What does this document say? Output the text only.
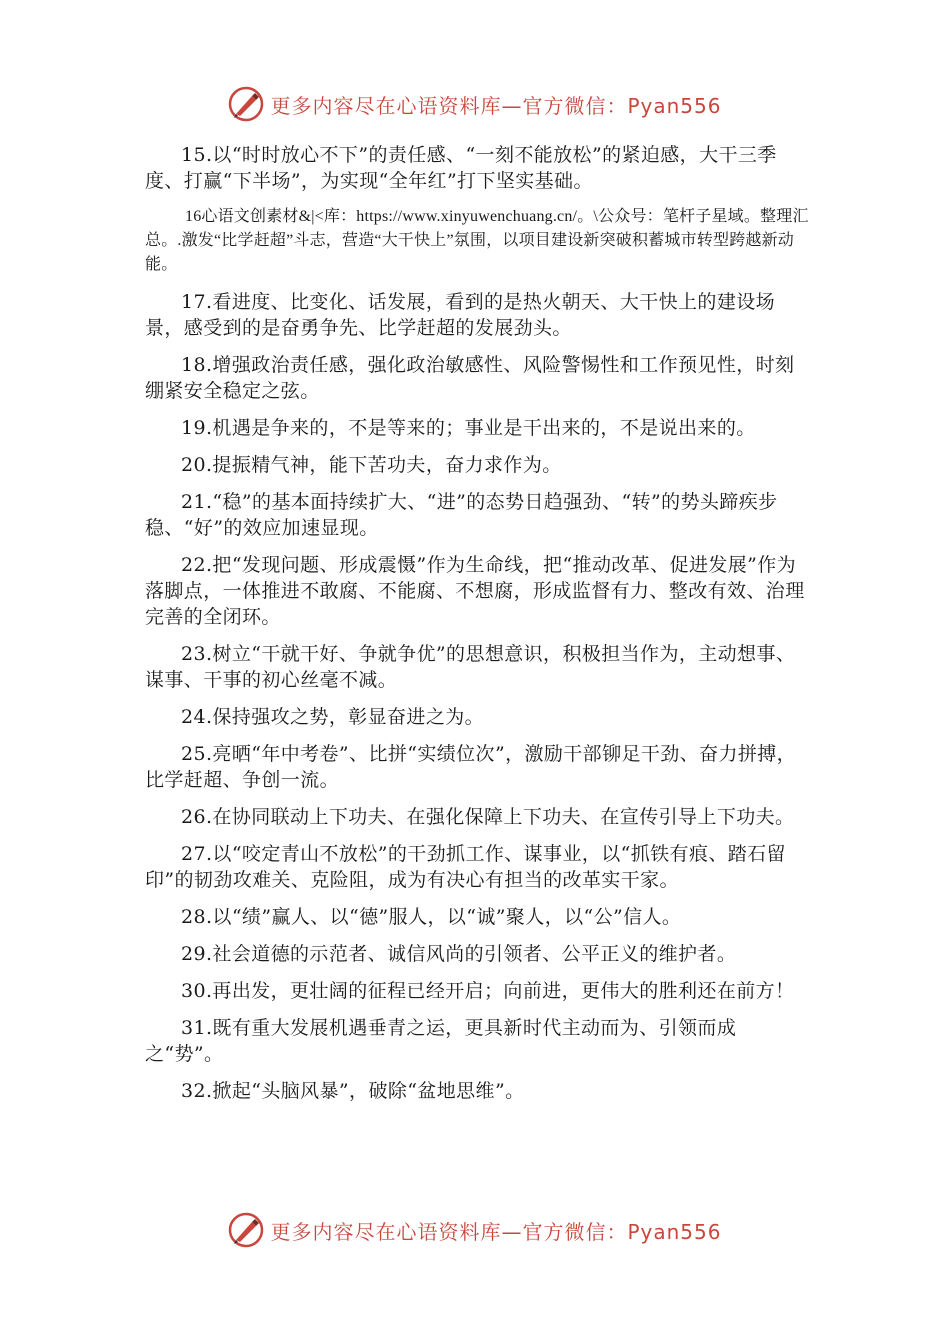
更多内容尽在心语资料库—官方微信：Pyan556

15.以“时时放心不下”的责任感、“一刻不能放松”的紧迫感，大干三季度、打赢“下半场”，为实现“全年红”打下坚实基础。

16心语文创素材&|<库：https://www.xinyuwenchuang.cn/。\公众号：笔杆子星域。整理汇总。.激发“比学赶超”斗志，营造“大干快上”氛围，以项目建设新突破积蓄城市转型跨越新动能。

17.看进度、比变化、话发展，看到的是热火朝天、大干快上的建设场景，感受到的是奋勇争先、比学赶超的发展劲头。

18.增强政治责任感，强化政治敏感性、风险警惕性和工作预见性，时刻绷紧安全稳定之弦。

19.机遇是争来的，不是等来的；事业是干出来的，不是说出来的。

20.提振精气神，能下苦功夫，奋力求作为。

21.“稳”的基本面持续扩大、“进”的态势日趋强劲、“转”的势头蹄疾步稳、“好”的效应加速显现。

22.把“发现问题、形成震慑”作为生命线，把“推动改革、促进发展”作为落脚点，一体推进不敢腐、不能腐、不想腐，形成监督有力、整改有效、治理完善的全闭环。

23.树立“干就干好、争就争优”的思想意识，积极担当作为，主动想事、谋事、干事的初心丝毫不减。

24.保持强攻之势，彰显奋进之为。

25.亮晒“年中考卷”、比拼“实绩位次”，激励干部铆足干劲、奋力拼搏，比学赶超、争创一流。

26.在协同联动上下功夫、在强化保障上下功夫、在宣传引导上下功夫。

27.以“咬定青山不放松”的干劲抓工作、谋事业，以“抓铁有痕、踏石留印”的韧劲攻难关、克险阻，成为有决心有担当的改革实干家。

28.以“绩”赢人、以“德”服人，以“诚”聚人，以“公”信人。

29.社会道德的示范者、诚信风尚的引领者、公平正义的维护者。

30.再出发，更壮阔的征程已经开启；向前进，更伟大的胜利还在前方！

31.既有重大发展机遇垂青之运，更具新时代主动而为、引领而成之“势”。

32.掀起“头脑风暴”，破除“盆地思维”。

更多内容尽在心语资料库—官方微信：Pyan556
